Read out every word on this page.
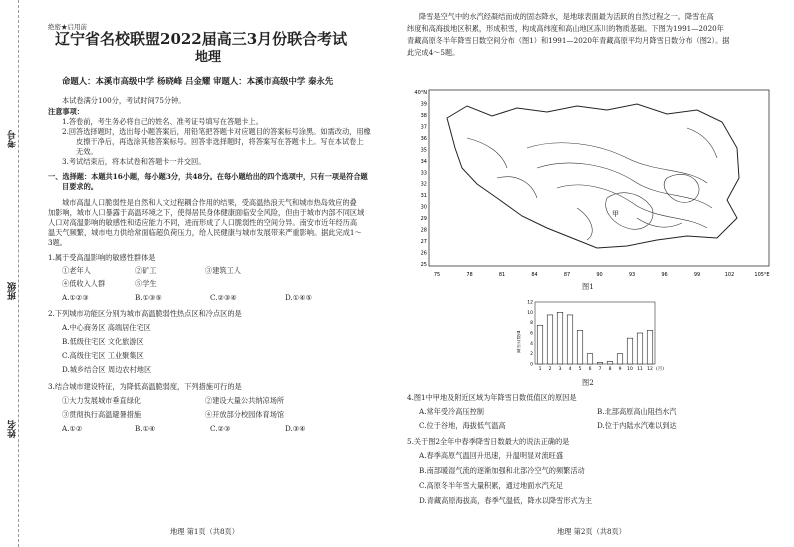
考号
班级
姓名
绝密★启用前
辽宁省名校联盟2022届高三3月份联合考试
地理
命题人：本溪市高级中学 杨晓峰 吕金耀 审题人：本溪市高级中学 秦永先
本试卷满分100分，考试时间75分钟。
注意事项：
1.答卷前，考生务必将自己的姓名、准考证号填写在答题卡上。
2.回答选择题时，选出每小题答案后，用铅笔把答题卡对应题目的答案标号涂黑。如需改动，用橡
皮擦干净后，再选涂其他答案标号。回答非选择题时，将答案写在答题卡上。写在本试卷上
无效。
3.考试结束后，将本试卷和答题卡一并交回。
一、选择题：本题共16小题，每小题3分，共48分。在每小题给出的四个选项中，只有一项是符合题
目要求的。
城市高温人口脆弱性是自然和人文过程耦合作用的结果，受高温热浪天气和城市热岛效应的叠
加影响，城市人口暴露于高温环境之下，使得居民身体健康面临安全风险，但由于城市内部不同区域
人口对高温影响的敏感性和适应能力不同，进而形成了人口脆弱性的空间分异。南安市近年经历高
温天气频繁，城市电力供给常面临超负荷压力，给人民健康与城市发展带来严重影响。据此完成1～
3题。
1.属于受高温影响的敏感性群体是
①老年人	②矿工	③建筑工人
④低收入人群	⑤学生
A.①②③	B.①③⑤	C.②③④	D.①④⑤
2.下列城市功能区分别为城市高温脆弱性热点区和冷点区的是
A.中心商务区 高端居住宅区
B.低级住宅区 文化旅游区
C.高级住宅区 工业聚集区
D.城乡结合区 周边农村地区
3.结合城市建设特征，为降低高温脆弱度，下列措施可行的是
①大力发展城市垂直绿化	②建设大量公共纳凉场所
③贯彻执行高温避暑措施	④开放部分校园体育场馆
A.①②	B.①④	C.②③	D.③④
地理 第1页（共8页）
降雪是空气中的水汽经凝结而成的固态降水，是地球表面最为活跃的自然过程之一。降雪在高
纬度和高海拔地区积累，形成积雪，构成高纬度和高山地区冻川的物质基础。下图为1991—2020年
青藏高原冬半年降雪日数空间分布（图1）和1991—2020年青藏高原平均月降雪日数分布（图2）。据
此完成4～5题。
40°N
39
38
37
36
35
34
33
32
31
30
29
28
27
26
25
75	78	81	84	87	90	93	96	99	102	105°E
甲
图1
降雪日数/d
0
2
4
6
8
10
12
1 2 3 4 5 6 7 8 9 10 11 12 (月)
图2
4.图1中甲地及附近区域为年降雪日数低值区的原因是
A.常年受冷高压控制	B.北部高原高山阻挡水汽
C.位于谷地，海拔低气温高	D.位于内陆水汽难以到达
5.关于图2全年中春季降雪日数最大的说法正确的是
A.春季高原气温回升迅速，升温明显对流旺盛
B.南部暖湿气流的逐渐加强和北部冷空气的频繁活动
C.高原冬半年雪大量积累，通过地面水汽充足
D.青藏高原海拔高，春季气温低，降水以降雪形式为主
地理 第2页（共8页）
